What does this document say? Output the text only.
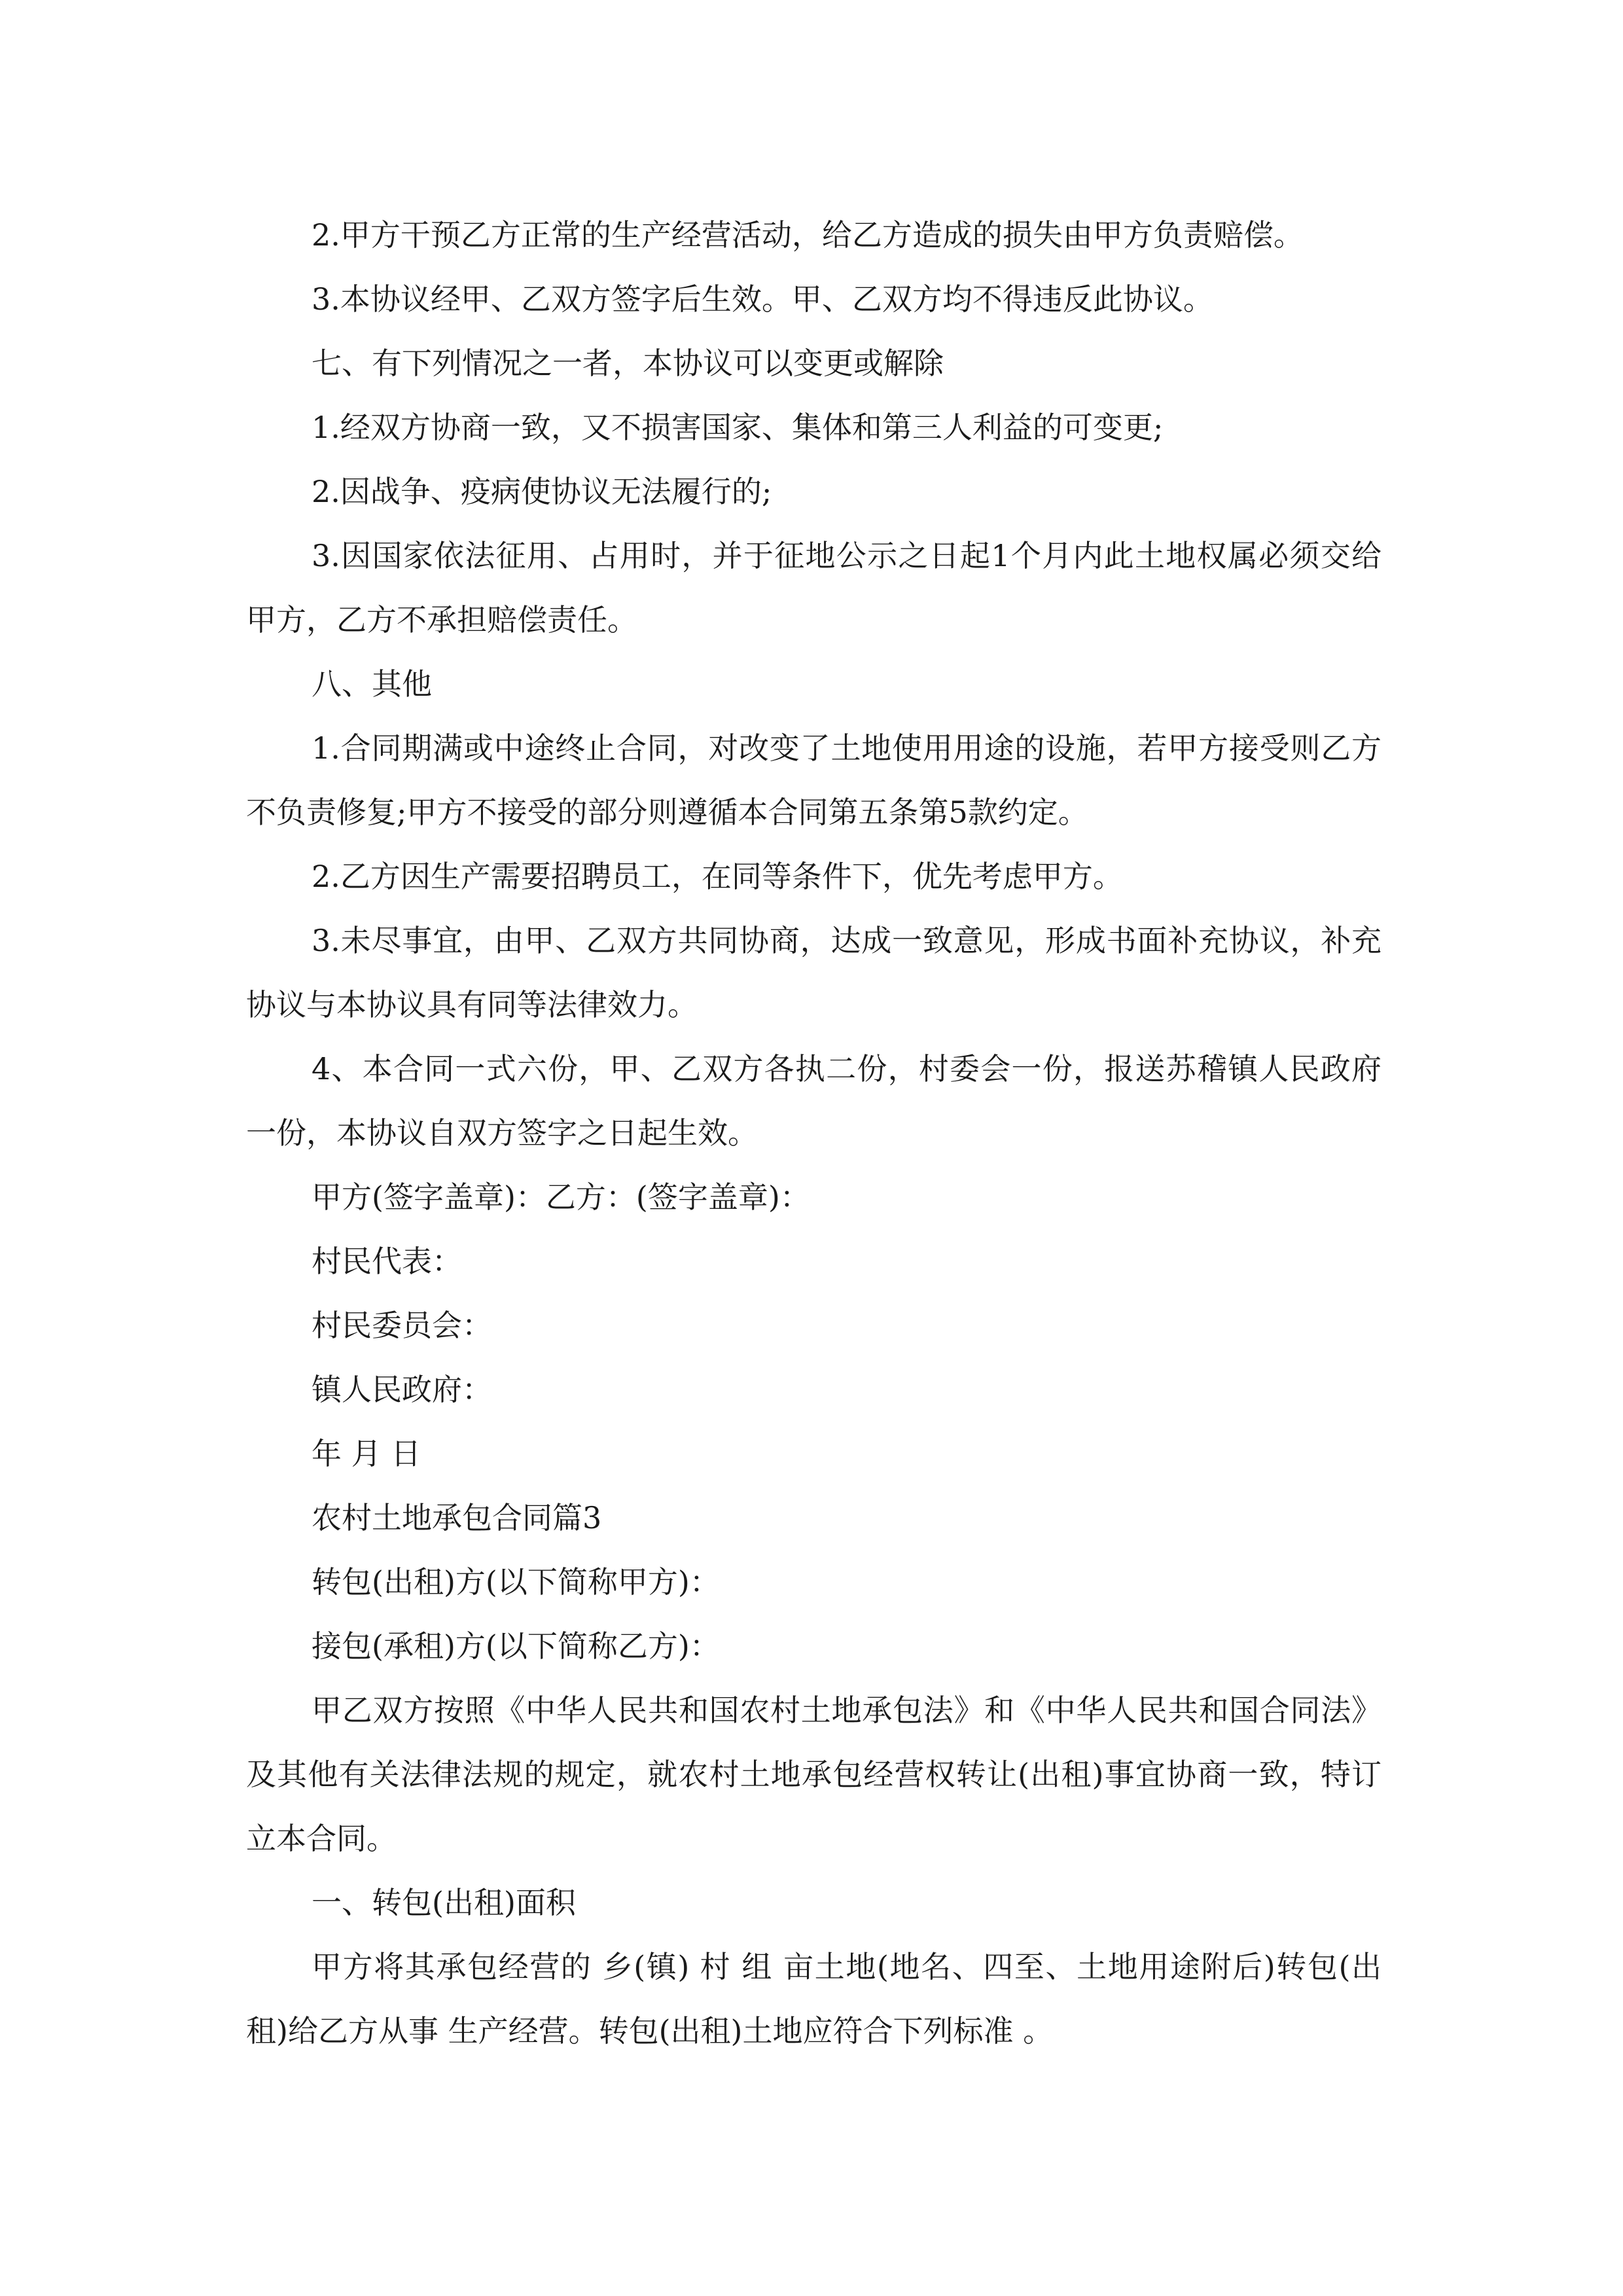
2.甲方干预乙方正常的生产经营活动，给乙方造成的损失由甲方负责赔偿。

3.本协议经甲、乙双方签字后生效。甲、乙双方均不得违反此协议。

七、有下列情况之一者，本协议可以变更或解除

1.经双方协商一致，又不损害国家、集体和第三人利益的可变更;

2.因战争、疫病使协议无法履行的;

3.因国家依法征用、占用时，并于征地公示之日起1个月内此土地权属必须交给甲方，乙方不承担赔偿责任。

八、其他

1.合同期满或中途终止合同，对改变了土地使用用途的设施，若甲方接受则乙方不负责修复;甲方不接受的部分则遵循本合同第五条第5款约定。

2.乙方因生产需要招聘员工，在同等条件下，优先考虑甲方。

3.未尽事宜，由甲、乙双方共同协商，达成一致意见，形成书面补充协议，补充协议与本协议具有同等法律效力。

4、本合同一式六份，甲、乙双方各执二份，村委会一份，报送苏稽镇人民政府一份，本协议自双方签字之日起生效。

甲方(签字盖章)：乙方：(签字盖章)：

村民代表：

村民委员会：

镇人民政府：

年 月 日

农村土地承包合同篇3

转包(出租)方(以下简称甲方)：

接包(承租)方(以下简称乙方)：

甲乙双方按照《中华人民共和国农村土地承包法》和《中华人民共和国合同法》及其他有关法律法规的规定，就农村土地承包经营权转让(出租)事宜协商一致，特订立本合同。

一、转包(出租)面积

甲方将其承包经营的 乡(镇) 村 组 亩土地(地名、四至、土地用途附后)转包(出租)给乙方从事 生产经营。转包(出租)土地应符合下列标准 。
